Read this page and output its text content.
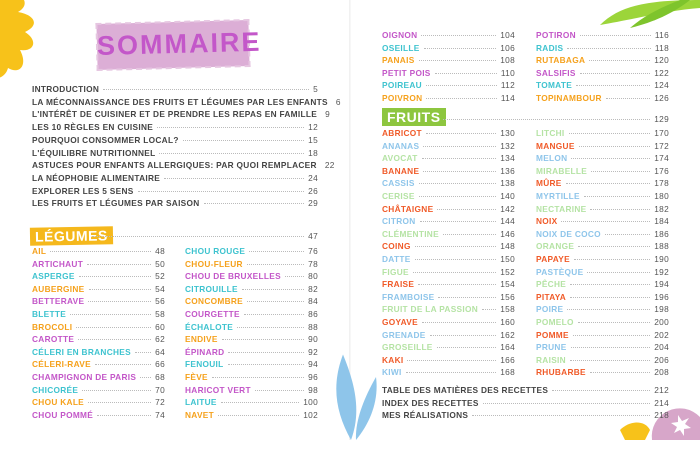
SOMMAIRE
INTRODUCTION	5
LA MÉCONNAISSANCE DES FRUITS ET LÉGUMES PAR LES ENFANTS 6
L'INTÉRÊT DE CUISINER ET DE PRENDRE LES REPAS EN FAMILLE 9
LES 10 RÈGLES EN CUISINE	12
POURQUOI CONSOMMER LOCAL?	15
L'ÉQUILIBRE NUTRITIONNEL	18
ASTUCES POUR ENFANTS ALLERGIQUES: PAR QUOI REMPLACER 22
LA NÉOPHOBIE ALIMENTAIRE	24
EXPLORER LES 5 SENS	26
LES FRUITS ET LÉGUMES PAR SAISON	29
LÉGUMES	47
AIL	48
ARTICHAUT	50
ASPERGE	52
AUBERGINE	54
BETTERAVE	56
BLETTE	58
BROCOLI	60
CAROTTE	62
CÉLERI EN BRANCHES	64
CÉLERI-RAVE	66
CHAMPIGNON DE PARIS 68
CHICORÉE	70
CHOU KALE	72
CHOU POMMÉ	74
CHOU ROUGE	76
CHOU-FLEUR	78
CHOU DE BRUXELLES	80
CITROUILLE	82
CONCOMBRE	84
COURGETTE	86
ÉCHALOTE	88
ENDIVE	90
ÉPINARD	92
FENOUIL	94
FÈVE	96
HARICOT VERT	98
LAITUE	100
NAVET	102
OIGNON	104
OSEILLE	106
PANAIS	108
PETIT POIS	110
POIREAU	112
POIVRON	114
POTIRON	116
RADIS	118
RUTABAGA	120
SALSIFIS	122
TOMATE	124
TOPINAMBOUR	126
FRUITS	129
ABRICOT	130
ANANAS	132
AVOCAT	134
BANANE	136
CASSIS	138
CERISE	140
CHÂTAIGNE	142
CITRON	144
CLÉMENTINE	146
COING	148
DATTE	150
FIGUE	152
FRAISE	154
FRAMBOISE	156
FRUIT DE LA PASSION	158
GOYAVE	160
GRENADE	162
GROSEILLE	164
KAKI	166
KIWI	168
LITCHI	170
MANGUE	172
MELON	174
MIRABELLE	176
MÛRE	178
MYRTILLE	180
NECTARINE	182
NOIX	184
NOIX DE COCO	186
ORANGE	188
PAPAYE	190
PASTÈQUE	192
PÊCHE	194
PITAYA	196
POIRE	198
POMELO	200
POMME	202
PRUNE	204
RAISIN	206
RHUBARBE	208
TABLE DES MATIÈRES DES RECETTES	212
INDEX DES RECETTES	214
MES RÉALISATIONS	218
